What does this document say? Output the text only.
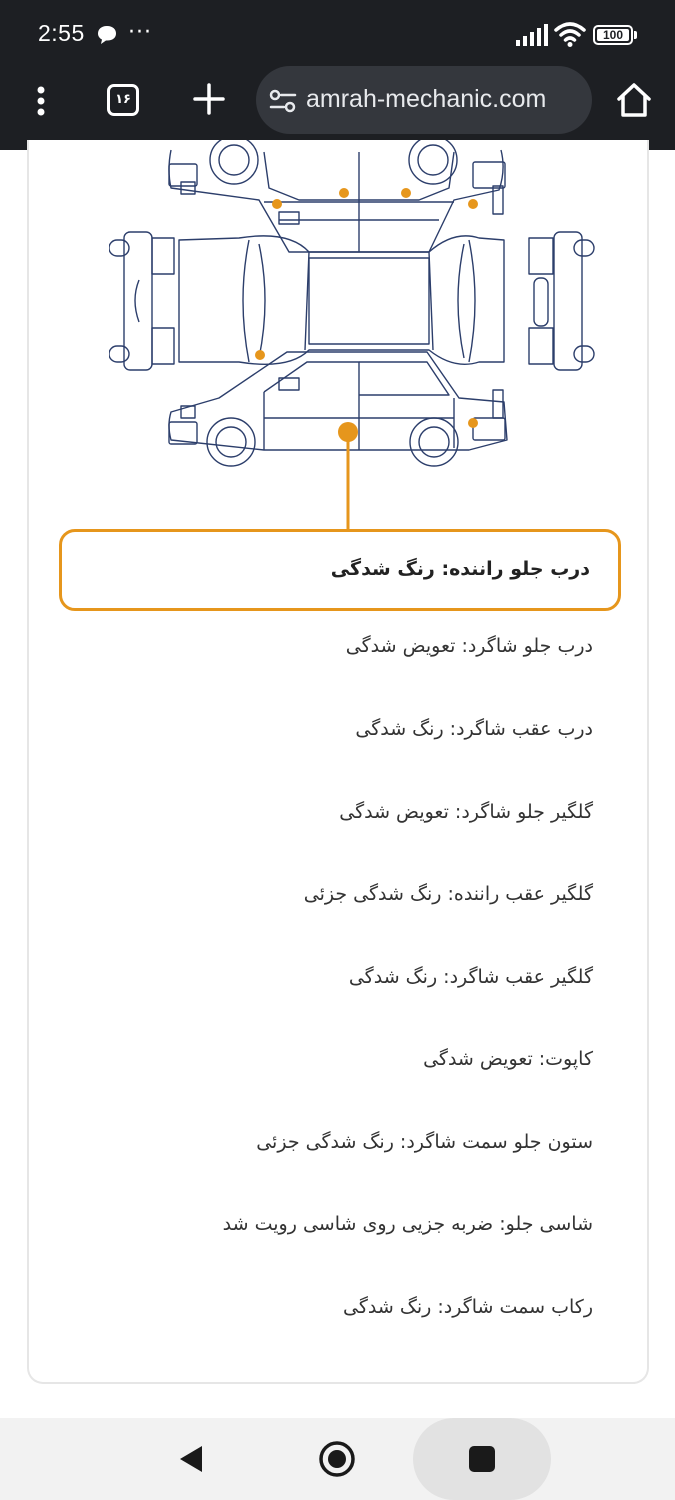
2:55 ···	100
۱۶	amrah-mechanic.com
درب جلو راننده: رنگ شدگی
درب جلو شاگرد: تعویض شدگی
درب عقب شاگرد: رنگ شدگی
گلگیر جلو شاگرد: تعویض شدگی
گلگیر عقب راننده: رنگ شدگی جزئی
گلگیر عقب شاگرد: رنگ شدگی
کاپوت: تعویض شدگی
ستون جلو سمت شاگرد: رنگ شدگی جزئی
شاسی جلو: ضربه جزیی روی شاسی رویت شد
رکاب سمت شاگرد: رنگ شدگی
